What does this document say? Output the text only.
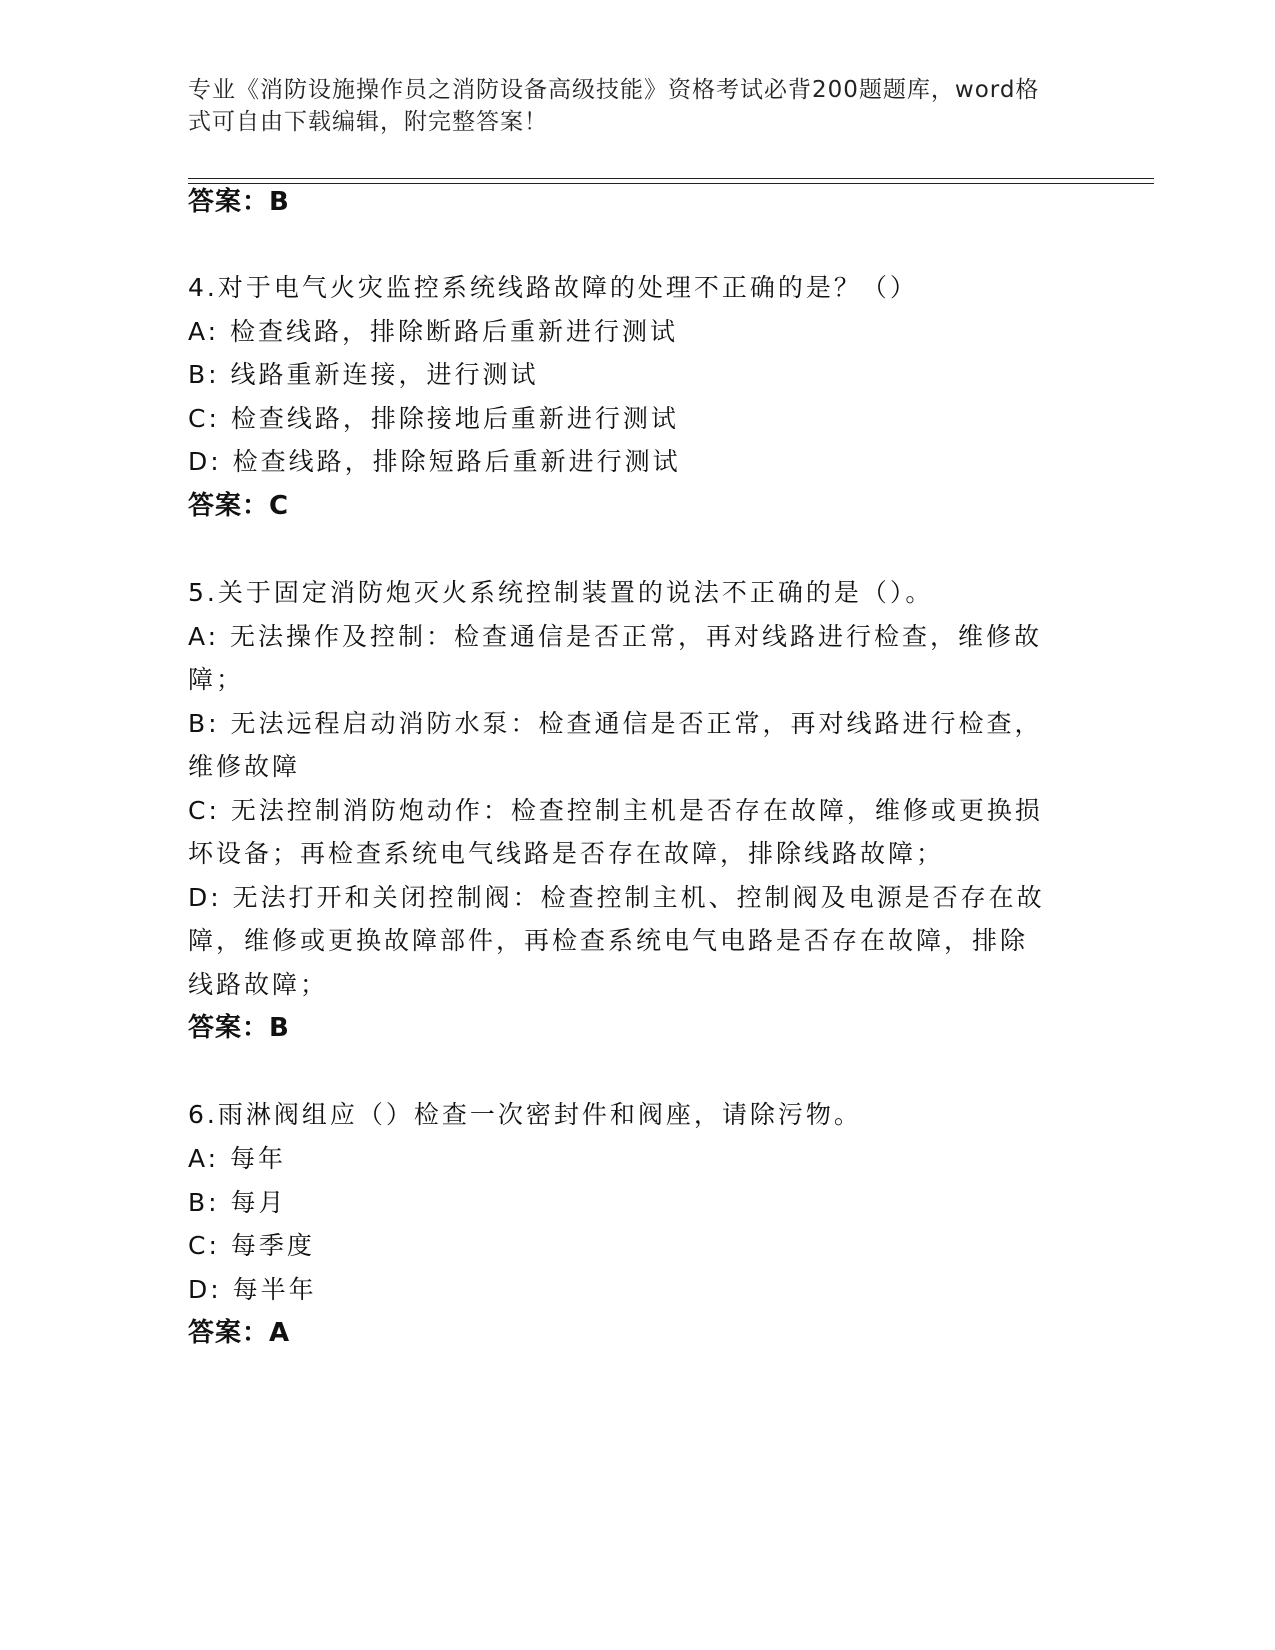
专业《消防设施操作员之消防设备高级技能》资格考试必背200题题库，word格
式可自由下载编辑，附完整答案！
答案：B
4.对于电气火灾监控系统线路故障的处理不正确的是？（）
A: 检查线路，排除断路后重新进行测试
B: 线路重新连接，进行测试
C: 检查线路，排除接地后重新进行测试
D: 检查线路，排除短路后重新进行测试
答案：C
5.关于固定消防炮灭火系统控制装置的说法不正确的是（）。
A: 无法操作及控制：检查通信是否正常，再对线路进行检查，维修故
障；
B: 无法远程启动消防水泵：检查通信是否正常，再对线路进行检查，
维修故障
C: 无法控制消防炮动作：检查控制主机是否存在故障，维修或更换损
坏设备；再检查系统电气线路是否存在故障，排除线路故障；
D: 无法打开和关闭控制阀：检查控制主机、控制阀及电源是否存在故
障，维修或更换故障部件，再检查系统电气电路是否存在故障，排除
线路故障；
答案：B
6.雨淋阀组应（）检查一次密封件和阀座，请除污物。
A: 每年
B: 每月
C: 每季度
D: 每半年
答案：A
